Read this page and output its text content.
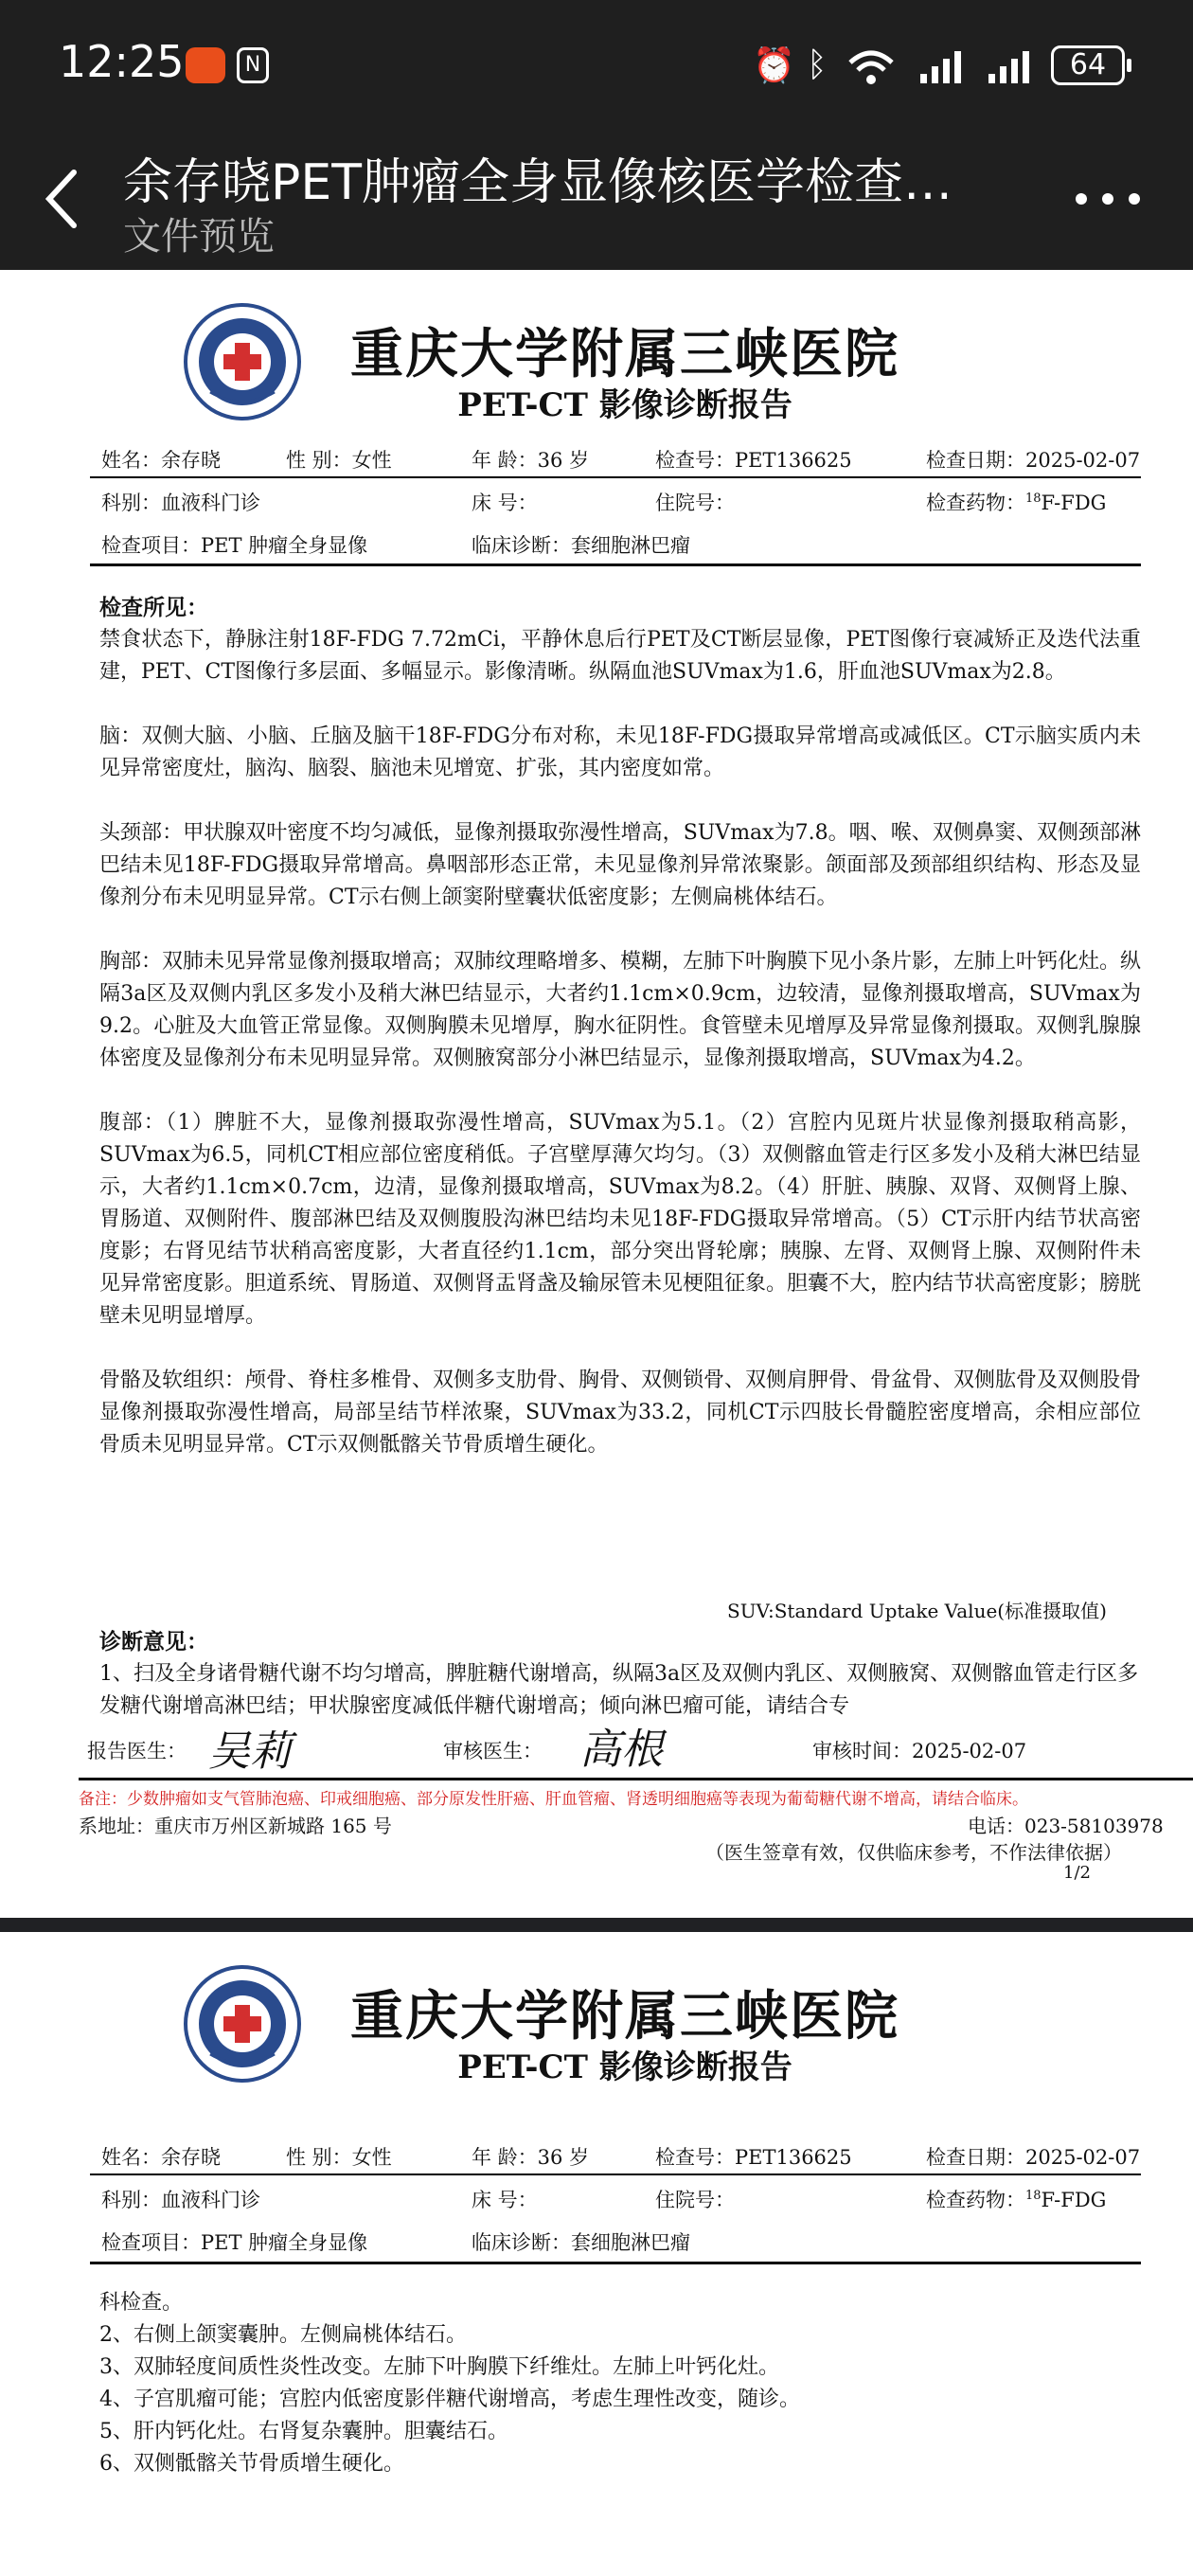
12:25	N	⏰ ᛒ	64
余存晓PET肿瘤全身显像核医学检查…
文件预览
重庆大学附属三峡医院
PET-CT 影像诊断报告
姓名：余存晓	性 别：女性	年 龄：36 岁	检查号：PET136625	检查日期：2025-02-07
科别：血液科门诊	床 号：	住院号：	检查药物：$^{18}$F-FDG
检查项目：PET 肿瘤全身显像	临床诊断：套细胞淋巴瘤
检查所见：

禁食状态下，静脉注射18F-FDG 7.72mCi，平静休息后行PET及CT断层显像，PET图像行衰减矫正及迭代法重建，PET、CT图像行多层面、多幅显示。影像清晰。纵隔血池SUVmax为1.6，肝血池SUVmax为2.8。

脑：双侧大脑、小脑、丘脑及脑干18F-FDG分布对称，未见18F-FDG摄取异常增高或减低区。CT示脑实质内未见异常密度灶，脑沟、脑裂、脑池未见增宽、扩张，其内密度如常。

头颈部：甲状腺双叶密度不均匀减低，显像剂摄取弥漫性增高，SUVmax为7.8。咽、喉、双侧鼻窦、双侧颈部淋巴结未见18F-FDG摄取异常增高。鼻咽部形态正常，未见显像剂异常浓聚影。颌面部及颈部组织结构、形态及显像剂分布未见明显异常。CT示右侧上颌窦附壁囊状低密度影；左侧扁桃体结石。

胸部：双肺未见异常显像剂摄取增高；双肺纹理略增多、模糊，左肺下叶胸膜下见小条片影，左肺上叶钙化灶。纵隔3a区及双侧内乳区多发小及稍大淋巴结显示，大者约1.1cm×0.9cm，边较清，显像剂摄取增高，SUVmax为9.2。心脏及大血管正常显像。双侧胸膜未见增厚，胸水征阴性。食管壁未见增厚及异常显像剂摄取。双侧乳腺腺体密度及显像剂分布未见明显异常。双侧腋窝部分小淋巴结显示，显像剂摄取增高，SUVmax为4.2。

腹部：（1）脾脏不大，显像剂摄取弥漫性增高，SUVmax为5.1。（2）宫腔内见斑片状显像剂摄取稍高影，SUVmax为6.5，同机CT相应部位密度稍低。子宫壁厚薄欠均匀。（3）双侧髂血管走行区多发小及稍大淋巴结显示，大者约1.1cm×0.7cm，边清，显像剂摄取增高，SUVmax为8.2。（4）肝脏、胰腺、双肾、双侧肾上腺、胃肠道、双侧附件、腹部淋巴结及双侧腹股沟淋巴结均未见18F-FDG摄取异常增高。（5）CT示肝内结节状高密度影；右肾见结节状稍高密度影，大者直径约1.1cm，部分突出肾轮廓；胰腺、左肾、双侧肾上腺、双侧附件未见异常密度影。胆道系统、胃肠道、双侧肾盂肾盏及输尿管未见梗阻征象。胆囊不大，腔内结节状高密度影；膀胱壁未见明显增厚。

骨骼及软组织：颅骨、脊柱多椎骨、双侧多支肋骨、胸骨、双侧锁骨、双侧肩胛骨、骨盆骨、双侧肱骨及双侧股骨显像剂摄取弥漫性增高，局部呈结节样浓聚，SUVmax为33.2，同机CT示四肢长骨髓腔密度增高，余相应部位骨质未见明显异常。CT示双侧骶髂关节骨质增生硬化。

SUV:Standard Uptake Value(标准摄取值)
诊断意见：
1、扫及全身诸骨糖代谢不均匀增高，脾脏糖代谢增高，纵隔3a区及双侧内乳区、双侧腋窝、双侧髂血管走行区多发糖代谢增高淋巴结；甲状腺密度减低伴糖代谢增高；倾向淋巴瘤可能，请结合专
报告医生： 吴莉	审核医生： 高根	审核时间：2025-02-07
备注：少数肿瘤如支气管肺泡癌、印戒细胞癌、部分原发性肝癌、肝血管瘤、肾透明细胞癌等表现为葡萄糖代谢不增高，请结合临床。
系地址：重庆市万州区新城路 165 号	电话：023-58103978
（医生签章有效，仅供临床参考，不作法律依据）
1/2
重庆大学附属三峡医院
PET-CT 影像诊断报告
姓名：余存晓	性 别：女性	年 龄：36 岁	检查号：PET136625	检查日期：2025-02-07
科别：血液科门诊	床 号：	住院号：	检查药物：$^{18}$F-FDG
检查项目：PET 肿瘤全身显像	临床诊断：套细胞淋巴瘤
科检查。
2、右侧上颌窦囊肿。左侧扁桃体结石。
3、双肺轻度间质性炎性改变。左肺下叶胸膜下纤维灶。左肺上叶钙化灶。
4、子宫肌瘤可能；宫腔内低密度影伴糖代谢增高，考虑生理性改变，随诊。
5、肝内钙化灶。右肾复杂囊肿。胆囊结石。
6、双侧骶髂关节骨质增生硬化。
